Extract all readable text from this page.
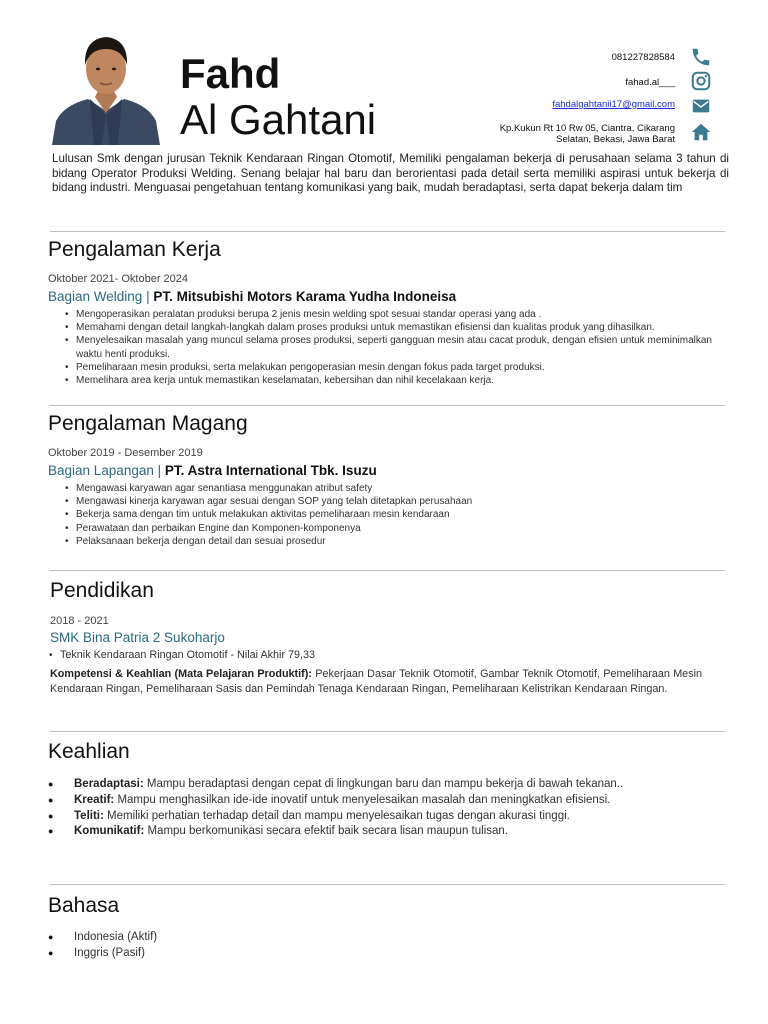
Fahd
Al Gahtani
081227828584
fahad.al___
fahdalgahtanii17@gmail.com
Kp.Kukun Rt 10 Rw 05, Ciantra, Cikarang
Selatan, Bekasi, Jawa Barat
Lulusan Smk dengan jurusan Teknik Kendaraan Ringan Otomotif, Memiliki pengalaman bekerja di perusahaan selama 3 tahun di bidang Operator Produksi Welding. Senang belajar hal baru dan berorientasi pada detail serta memiliki aspirasi untuk bekerja di bidang industri. Menguasai pengetahuan tentang komunikasi yang baik, mudah beradaptasi, serta dapat bekerja dalam tim
Pengalaman Kerja
Oktober 2021- Oktober 2024
Bagian Welding | PT. Mitsubishi Motors Karama Yudha Indoneisa
• Mengoperasikan peralatan produksi berupa 2 jenis mesin welding spot sesuai standar operasi yang ada .
• Memahami dengan detail langkah-langkah dalam proses produksi untuk memastikan efisiensi dan kualitas produk yang dihasilkan.
• Menyelesaikan masalah yang muncul selama proses produksi, seperti gangguan mesin atau cacat produk, dengan efisien untuk meminimalkan waktu henti produksi.
• Pemeliharaan mesin produksi, serta melakukan pengoperasian mesin dengan fokus pada target produksi.
• Memelihara area kerja untuk memastikan keselamatan, kebersihan dan nihil kecelakaan kerja.
Pengalaman Magang
Oktober 2019 - Desember 2019
Bagian Lapangan | PT. Astra International Tbk. Isuzu
• Mengawasi karyawan agar senantiasa menggunakan atribut safety
• Mengawasi kinerja karyawan agar sesuai dengan SOP yang telah ditetapkan perusahaan
• Bekerja sama dengan tim untuk melakukan aktivitas pemeliharaan mesin kendaraan
• Perawataan dan perbaikan Engine dan Komponen-komponenya
• Pelaksanaan bekerja dengan detail dan sesuai prosedur
Pendidikan
2018 - 2021
SMK Bina Patria 2 Sukoharjo
• Teknik Kendaraan Ringan Otomotif - Nilai Akhir 79,33
Kompetensi & Keahlian (Mata Pelajaran Produktif): Pekerjaan Dasar Teknik Otomotif, Gambar Teknik Otomotif, Pemeliharaan Mesin Kendaraan Ringan, Pemeliharaan Sasis dan Pemindah Tenaga Kendaraan Ringan, Pemeliharaan Kelistrikan Kendaraan Ringan.
Keahlian
● Beradaptasi: Mampu beradaptasi dengan cepat di lingkungan baru dan mampu bekerja di bawah tekanan..
● Kreatif: Mampu menghasilkan ide-ide inovatif untuk menyelesaikan masalah dan meningkatkan efisiensi.
● Teliti: Memiliki perhatian terhadap detail dan mampu menyelesaikan tugas dengan akurasi tinggi.
● Komunikatif: Mampu berkomunikasi secara efektif baik secara lisan maupun tulisan.
Bahasa
● Indonesia (Aktif)
● Inggris (Pasif)
